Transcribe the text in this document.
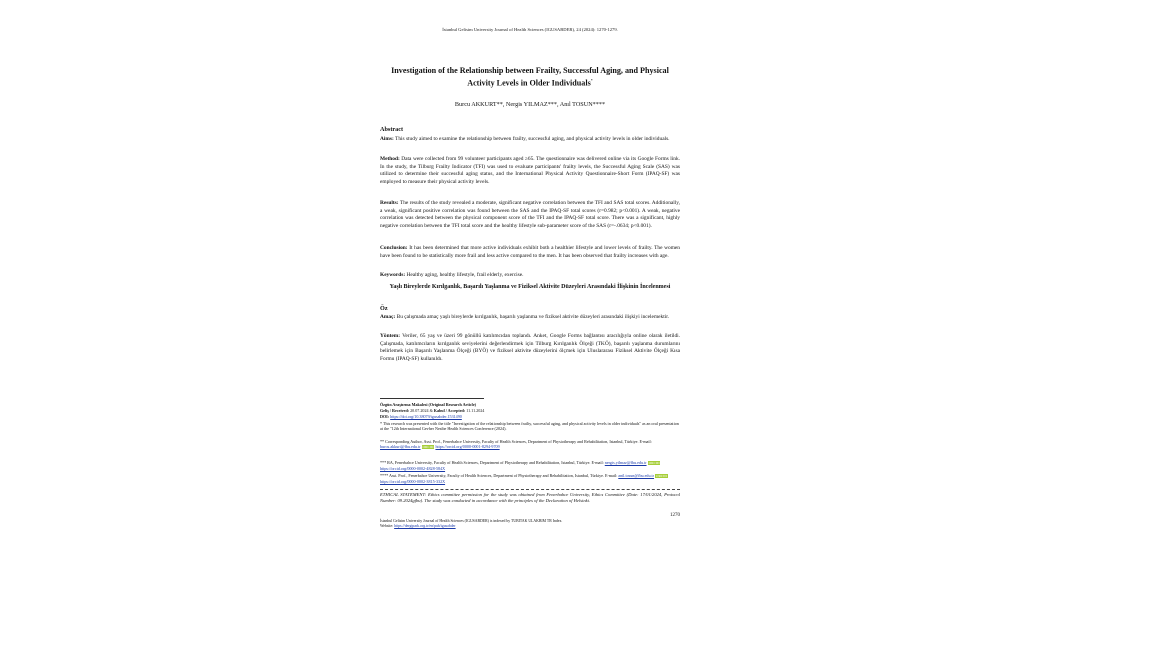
İstanbul Gelisim University Journal of Health Sciences (IGUSABDER), 24 (2024): 1270-1279.
Investigation of the Relationship between Frailty, Successful Aging, and Physical Activity Levels in Older Individuals*
Burcu AKKURT**, Nergis YILMAZ***, Anıl TOSUN****
Abstract

Aims: This study aimed to examine the relationship between frailty, successful aging, and physical activity levels in older individuals.

Method: Data were collected from 99 volunteer participants aged ≥65. The questionnaire was delivered online via its Google Forms link. In the study, the Tilburg Frailty Indicator (TFI) was used to evaluate participants' frailty levels, the Successful Aging Scale (SAS) was utilized to determine their successful aging status, and the International Physical Activity Questionnaire-Short Form (IPAQ-SF) was employed to measure their physical activity levels.

Results: The results of the study revealed a moderate, significant negative correlation between the TFI and SAS total scores. Additionally, a weak, significant positive correlation was found between the SAS and the IPAQ-SF total scores (r=0.982; p<0.001). A weak, negative correlation was detected between the physical component score of the TFI and the IPAQ-SF total score. There was a significant, highly negative correlation between the TFI total score and the healthy lifestyle sub-parameter score of the SAS (r=-.0634; p<0.001).

Conclusion: It has been determined that more active individuals exhibit both a healthier lifestyle and lower levels of frailty. The women have been found to be statistically more frail and less active compared to the men. It has been observed that frailty increases with age.

Keywords: Healthy aging, healthy lifestyle, frail elderly, exercise.

Yaşlı Bireylerde Kırılganlık, Başarılı Yaşlanma ve Fiziksel Aktivite Düzeyleri Arasındaki İlişkinin İncelenmesi
Öz

Amaç: Bu çalışmada amaç yaşlı bireylerde kırılganlık, başarılı yaşlanma ve fiziksel aktivite düzeyleri arasındaki ilişkiyi incelemektir.

Yöntem: Veriler, 65 yaş ve üzeri 99 gönüllü katılımcıdan toplandı. Anket, Google Forms bağlantısı aracılığıyla online olarak iletildi. Çalışmada, katılımcıların kırılganlık seviyelerini değerlendirmek için Tilburg Kırılganlık Ölçeği (TKÖ), başarılı yaşlanma durumlarını belirlemek için Başarılı Yaşlanma Ölçeği (BYÖ) ve fiziksel aktivite düzeylerini ölçmek için Uluslararası Fiziksel Aktivite Ölçeği Kısa Formu (IPAQ-SF) kullanıldı.

Özgün Araştırma Makalesi (Original Research Article)

Geliş / Received: 20.07.2024 & Kabul / Accepted: 11.11.2024

DOI: https://doi.org/10.38079/igusabder.1531490

* This research was presented with the title "Investigation of the relationship between frailty, successful aging, and physical activity levels in older individuals" as an oral presentation at the "12th International Gevher Nesibe Health Sciences Conference (2024).

** Corresponding Author, Asst. Prof., Fenerbahce University, Faculty of Health Sciences, Department of Physiotherapy and Rehabilitation, Istanbul, Türkiye. E-mail: burcu.akkurt@fbu.edu.tr ORCID https://orcid.org/0000-0001-8294-9709

*** RA, Fenerbahce University, Faculty of Health Sciences, Department of Physiotherapy and Rehabilitation, Istanbul, Türkiye. E-mail: nergis.yilmaz@fbu.edu.tr ORCID https://orcid.org/0000-0002-4828-584X

**** Asst. Prof., Fenerbahce University, Faculty of Health Sciences, Department of Physiotherapy and Rehabilitation, Istanbul, Türkiye. E-mail: anil.tosun@fbu.edu.tr ORCID https://orcid.org/0000-0002-3815-332X

ETHICAL STATEMENT: Ethics committee permission for the study was obtained from Fenerbahce University, Ethics Committee (Date: 17/01/2024, Protocol Number: 09.2024gfbu). The study was conducted in accordance with the principles of the Declaration of Helsinki.

1270
İstanbul Gelisim University Journal of Health Sciences (IGUSABDER) is indexed by TUBITAK ULAKBIM TR Index.
Website: https://dergipark.org.tr/en/pub/igusabder
